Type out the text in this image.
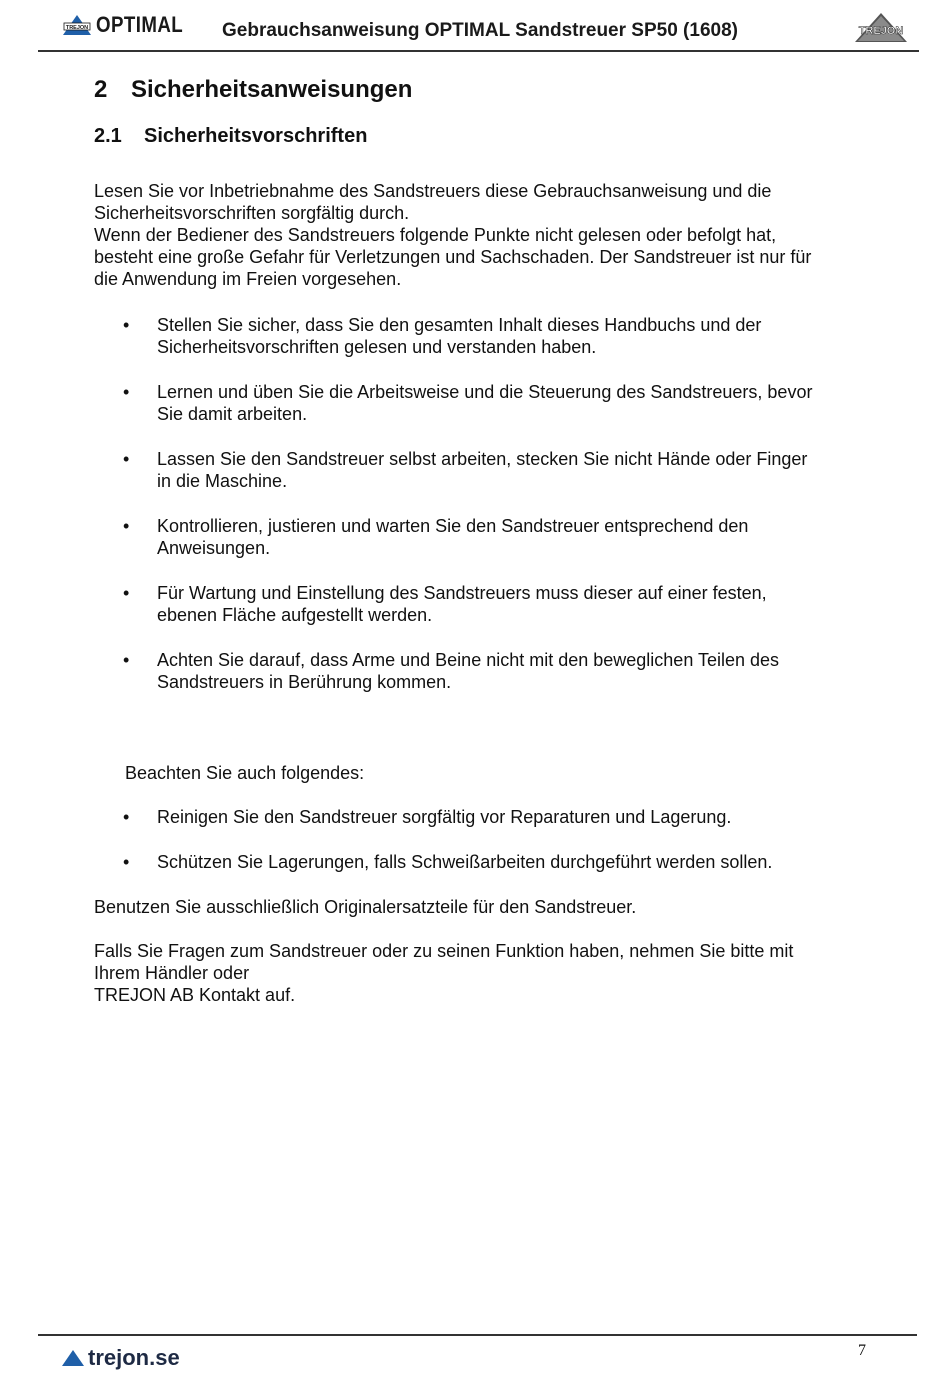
TREJON OPTIMAL Gebrauchsanweisung OPTIMAL Sandstreuer SP50 (1608)	TREJON
2 Sicherheitsanweisungen
2.1 Sicherheitsvorschriften
Lesen Sie vor Inbetriebnahme des Sandstreuers diese Gebrauchsanweisung und die
Sicherheitsvorschriften sorgfältig durch.
Wenn der Bediener des Sandstreuers folgende Punkte nicht gelesen oder befolgt hat,
besteht eine große Gefahr für Verletzungen und Sachschaden. Der Sandstreuer ist nur für
die Anwendung im Freien vorgesehen.
• Stellen Sie sicher, dass Sie den gesamten Inhalt dieses Handbuchs und der
Sicherheitsvorschriften gelesen und verstanden haben.
• Lernen und üben Sie die Arbeitsweise und die Steuerung des Sandstreuers, bevor
Sie damit arbeiten.
• Lassen Sie den Sandstreuer selbst arbeiten, stecken Sie nicht Hände oder Finger
in die Maschine.
• Kontrollieren, justieren und warten Sie den Sandstreuer entsprechend den
Anweisungen.
• Für Wartung und Einstellung des Sandstreuers muss dieser auf einer festen,
ebenen Fläche aufgestellt werden.
• Achten Sie darauf, dass Arme und Beine nicht mit den beweglichen Teilen des
Sandstreuers in Berührung kommen.
Beachten Sie auch folgendes:
• Reinigen Sie den Sandstreuer sorgfältig vor Reparaturen und Lagerung.
• Schützen Sie Lagerungen, falls Schweißarbeiten durchgeführt werden sollen.
Benutzen Sie ausschließlich Originalersatzteile für den Sandstreuer.
Falls Sie Fragen zum Sandstreuer oder zu seinen Funktion haben, nehmen Sie bitte mit
Ihrem Händler oder
TREJON AB Kontakt auf.
trejon.se	7
